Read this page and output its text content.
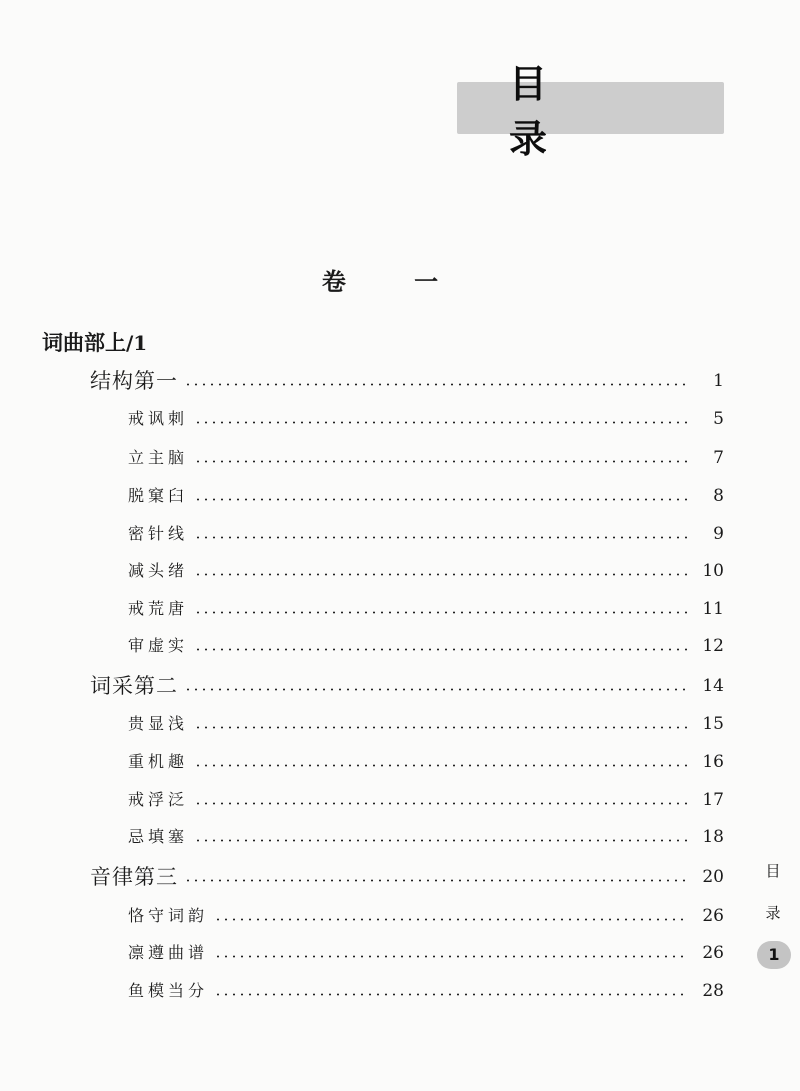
目 录
卷 一
词曲部上/1
结构第一	1
戒讽刺	5
立主脑	7
脱窠臼	8
密针线	9
减头绪	10
戒荒唐	11
审虚实	12
词采第二	14
贵显浅	15
重机趣	16
戒浮泛	17
忌填塞	18
音律第三	20
恪守词韵	26
凛遵曲谱	26
鱼模当分	28
目
录
1
